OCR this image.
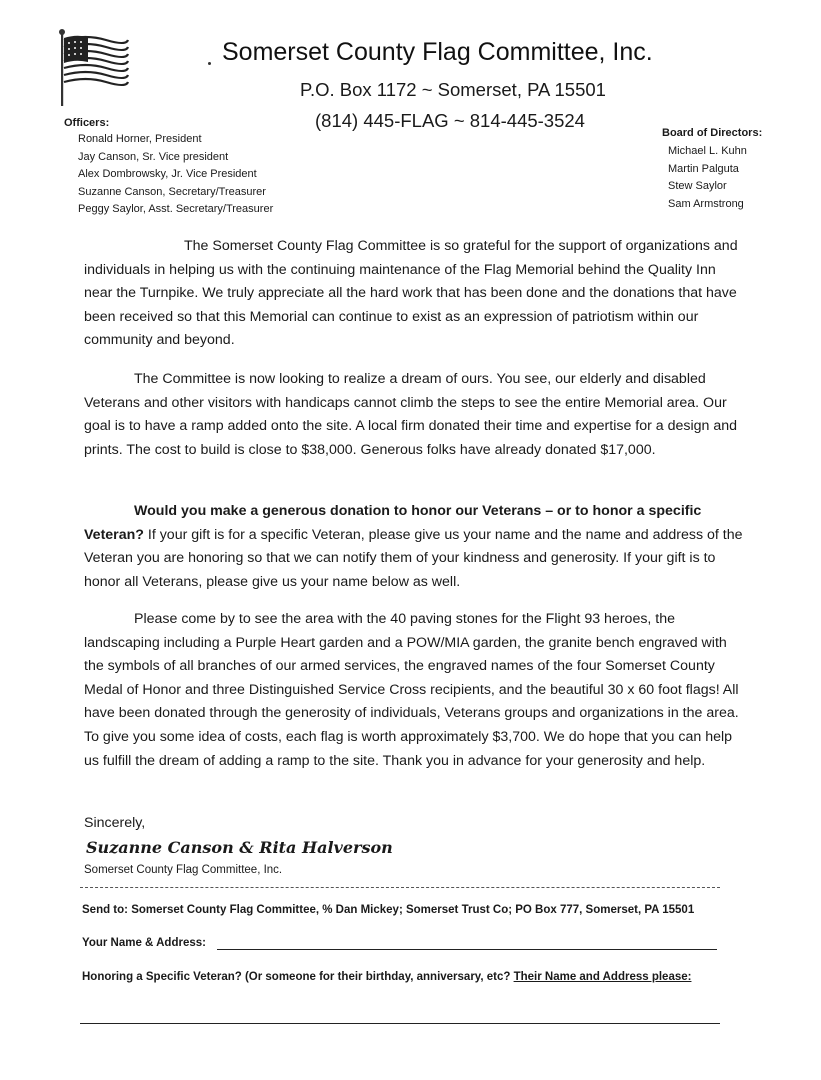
Somerset County Flag Committee, Inc.
P.O. Box 1172 ~ Somerset, PA 15501
(814) 445-FLAG ~ 814-445-3524
Officers:
Ronald Horner, President
Jay Canson, Sr. Vice president
Alex Dombrowsky, Jr. Vice President
Suzanne Canson, Secretary/Treasurer
Peggy Saylor, Asst. Secretary/Treasurer
Board of Directors:
Michael L. Kuhn
Martin Palguta
Stew Saylor
Sam Armstrong

The Somerset County Flag Committee is so grateful for the support of organizations and individuals in helping us with the continuing maintenance of the Flag Memorial behind the Quality Inn near the Turnpike. We truly appreciate all the hard work that has been done and the donations that have been received so that this Memorial can continue to exist as an expression of patriotism within our community and beyond.

The Committee is now looking to realize a dream of ours. You see, our elderly and disabled Veterans and other visitors with handicaps cannot climb the steps to see the entire Memorial area. Our goal is to have a ramp added onto the site. A local firm donated their time and expertise for a design and prints. The cost to build is close to $38,000. Generous folks have already donated $17,000.

Would you make a generous donation to honor our Veterans – or to honor a specific Veteran? If your gift is for a specific Veteran, please give us your name and the name and address of the Veteran you are honoring so that we can notify them of your kindness and generosity. If your gift is to honor all Veterans, please give us your name below as well.

Please come by to see the area with the 40 paving stones for the Flight 93 heroes, the landscaping including a Purple Heart garden and a POW/MIA garden, the granite bench engraved with the symbols of all branches of our armed services, the engraved names of the four Somerset County Medal of Honor and three Distinguished Service Cross recipients, and the beautiful 30 x 60 foot flags! All have been donated through the generosity of individuals, Veterans groups and organizations in the area. To give you some idea of costs, each flag is worth approximately $3,700. We do hope that you can help us fulfill the dream of adding a ramp to the site. Thank you in advance for your generosity and help.

Sincerely,
Suzanne Canson & Rita Halverson
Somerset County Flag Committee, Inc.
Send to: Somerset County Flag Committee, % Dan Mickey; Somerset Trust Co; PO Box 777, Somerset, PA 15501
Your Name & Address:
Honoring a Specific Veteran? (Or someone for their birthday, anniversary, etc? Their Name and Address please:
